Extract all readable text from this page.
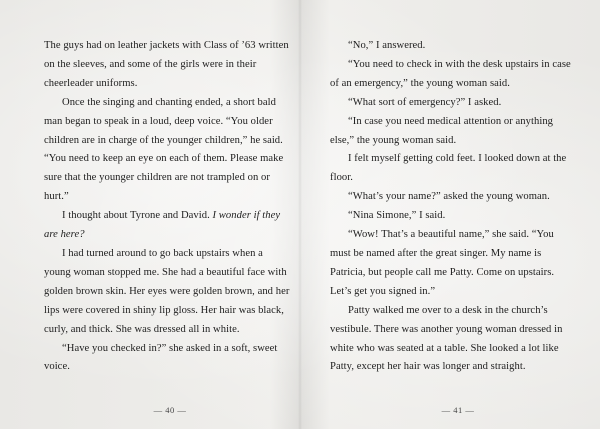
The guys had on leather jackets with Class of ’63 written on the sleeves, and some of the girls were in their cheerleader uniforms.

Once the singing and chanting ended, a short bald man began to speak in a loud, deep voice. “You older children are in charge of the younger children,” he said. “You need to keep an eye on each of them. Please make sure that the younger children are not trampled on or hurt.”

I thought about Tyrone and David. I wonder if they are here?

I had turned around to go back upstairs when a young woman stopped me. She had a beautiful face with golden brown skin. Her eyes were golden brown, and her lips were covered in shiny lip gloss. Her hair was black, curly, and thick. She was dressed all in white.

“Have you checked in?” she asked in a soft, sweet voice.

“No,” I answered.

“You need to check in with the desk upstairs in case of an emergency,” the young woman said.

“What sort of emergency?” I asked.

“In case you need medical attention or anything else,” the young woman said.

I felt myself getting cold feet. I looked down at the floor.

“What’s your name?” asked the young woman.

“Nina Simone,” I said.

“Wow! That’s a beautiful name,” she said. “You must be named after the great singer. My name is Patricia, but people call me Patty. Come on upstairs. Let’s get you signed in.”

Patty walked me over to a desk in the church’s vestibule. There was another young woman dressed in white who was seated at a table. She looked a lot like Patty, except her hair was longer and straight.

— 40 —	— 41 —
